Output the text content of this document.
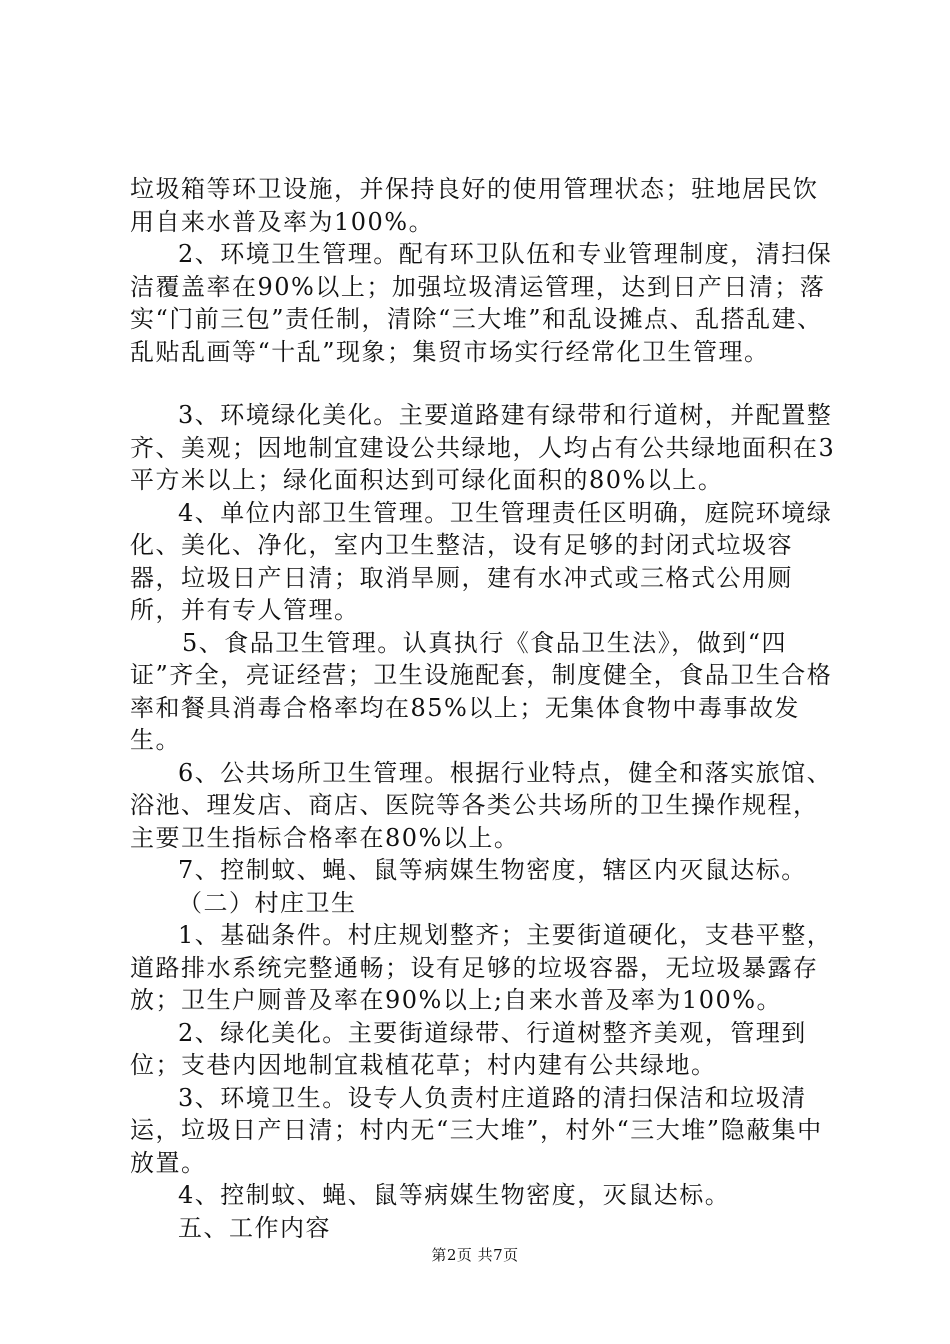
垃圾箱等环卫设施，并保持良好的使用管理状态；驻地居民饮用自来水普及率为100%。

2、环境卫生管理。配有环卫队伍和专业管理制度，清扫保洁覆盖率在90%以上；加强垃圾清运管理，达到日产日清；落实“门前三包”责任制，清除“三大堆”和乱设摊点、乱搭乱建、乱贴乱画等“十乱”现象；集贸市场实行经常化卫生管理。

3、环境绿化美化。主要道路建有绿带和行道树，并配置整齐、美观；因地制宜建设公共绿地，人均占有公共绿地面积在3平方米以上；绿化面积达到可绿化面积的80%以上。

4、单位内部卫生管理。卫生管理责任区明确，庭院环境绿化、美化、净化，室内卫生整洁，设有足够的封闭式垃圾容器，垃圾日产日清；取消旱厕，建有水冲式或三格式公用厕所，并有专人管理。

5、食品卫生管理。认真执行《食品卫生法》，做到“四证”齐全，亮证经营；卫生设施配套，制度健全，食品卫生合格率和餐具消毒合格率均在85%以上；无集体食物中毒事故发生。

6、公共场所卫生管理。根据行业特点，健全和落实旅馆、浴池、理发店、商店、医院等各类公共场所的卫生操作规程，主要卫生指标合格率在80%以上。

7、控制蚊、蝇、鼠等病媒生物密度，辖区内灭鼠达标。

（二）村庄卫生

1、基础条件。村庄规划整齐；主要街道硬化，支巷平整，道路排水系统完整通畅；设有足够的垃圾容器，无垃圾暴露存放；卫生户厕普及率在90%以上;自来水普及率为100%。

2、绿化美化。主要街道绿带、行道树整齐美观，管理到位；支巷内因地制宜栽植花草；村内建有公共绿地。

3、环境卫生。设专人负责村庄道路的清扫保洁和垃圾清运，垃圾日产日清；村内无“三大堆”，村外“三大堆”隐蔽集中放置。

4、控制蚊、蝇、鼠等病媒生物密度，灭鼠达标。

五、工作内容

第2页 共7页
